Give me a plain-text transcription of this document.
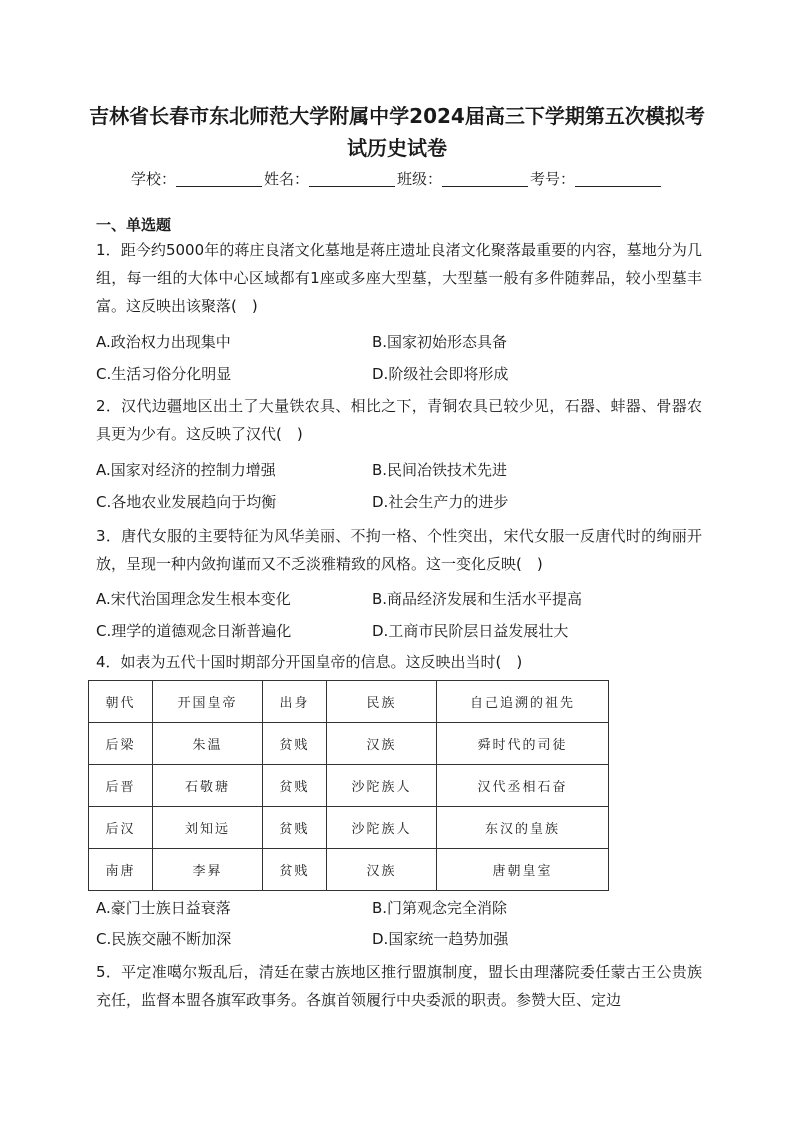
吉林省长春市东北师范大学附属中学2024届高三下学期第五次模拟考
试历史试卷
学校：	姓名：	班级：	考号：
一、单选题
1．距今约5000年的蒋庄良渚文化墓地是蒋庄遗址良渚文化聚落最重要的内容，墓地分为几组，每一组的大体中心区域都有1座或多座大型墓，大型墓一般有多件随葬品，较小型墓丰富。这反映出该聚落(　)
A.政治权力出现集中	B.国家初始形态具备
C.生活习俗分化明显	D.阶级社会即将形成
2．汉代边疆地区出土了大量铁农具、相比之下，青铜农具已较少见，石器、蚌器、骨器农具更为少有。这反映了汉代(　)
A.国家对经济的控制力增强	B.民间冶铁技术先进
C.各地农业发展趋向于均衡	D.社会生产力的进步
3．唐代女服的主要特征为风华美丽、不拘一格、个性突出，宋代女服一反唐代时的绚丽开放，呈现一种内敛拘谨而又不乏淡雅精致的风格。这一变化反映(　)
A.宋代治国理念发生根本变化	B.商品经济发展和生活水平提高
C.理学的道德观念日渐普遍化	D.工商市民阶层日益发展壮大
4．如表为五代十国时期部分开国皇帝的信息。这反映出当时(　)
朝代	开国皇帝	出身	民族	自己追溯的祖先
后梁	朱温	贫贱	汉族	舜时代的司徒
后晋	石敬瑭	贫贱	沙陀族人	汉代丞相石奋
后汉	刘知远	贫贱	沙陀族人	东汉的皇族
南唐	李昪	贫贱	汉族	唐朝皇室
A.豪门士族日益衰落	B.门第观念完全消除
C.民族交融不断加深	D.国家统一趋势加强
5．平定准噶尔叛乱后，清廷在蒙古族地区推行盟旗制度，盟长由理藩院委任蒙古王公贵族充任，监督本盟各旗军政事务。各旗首领履行中央委派的职责。参赞大臣、定边
